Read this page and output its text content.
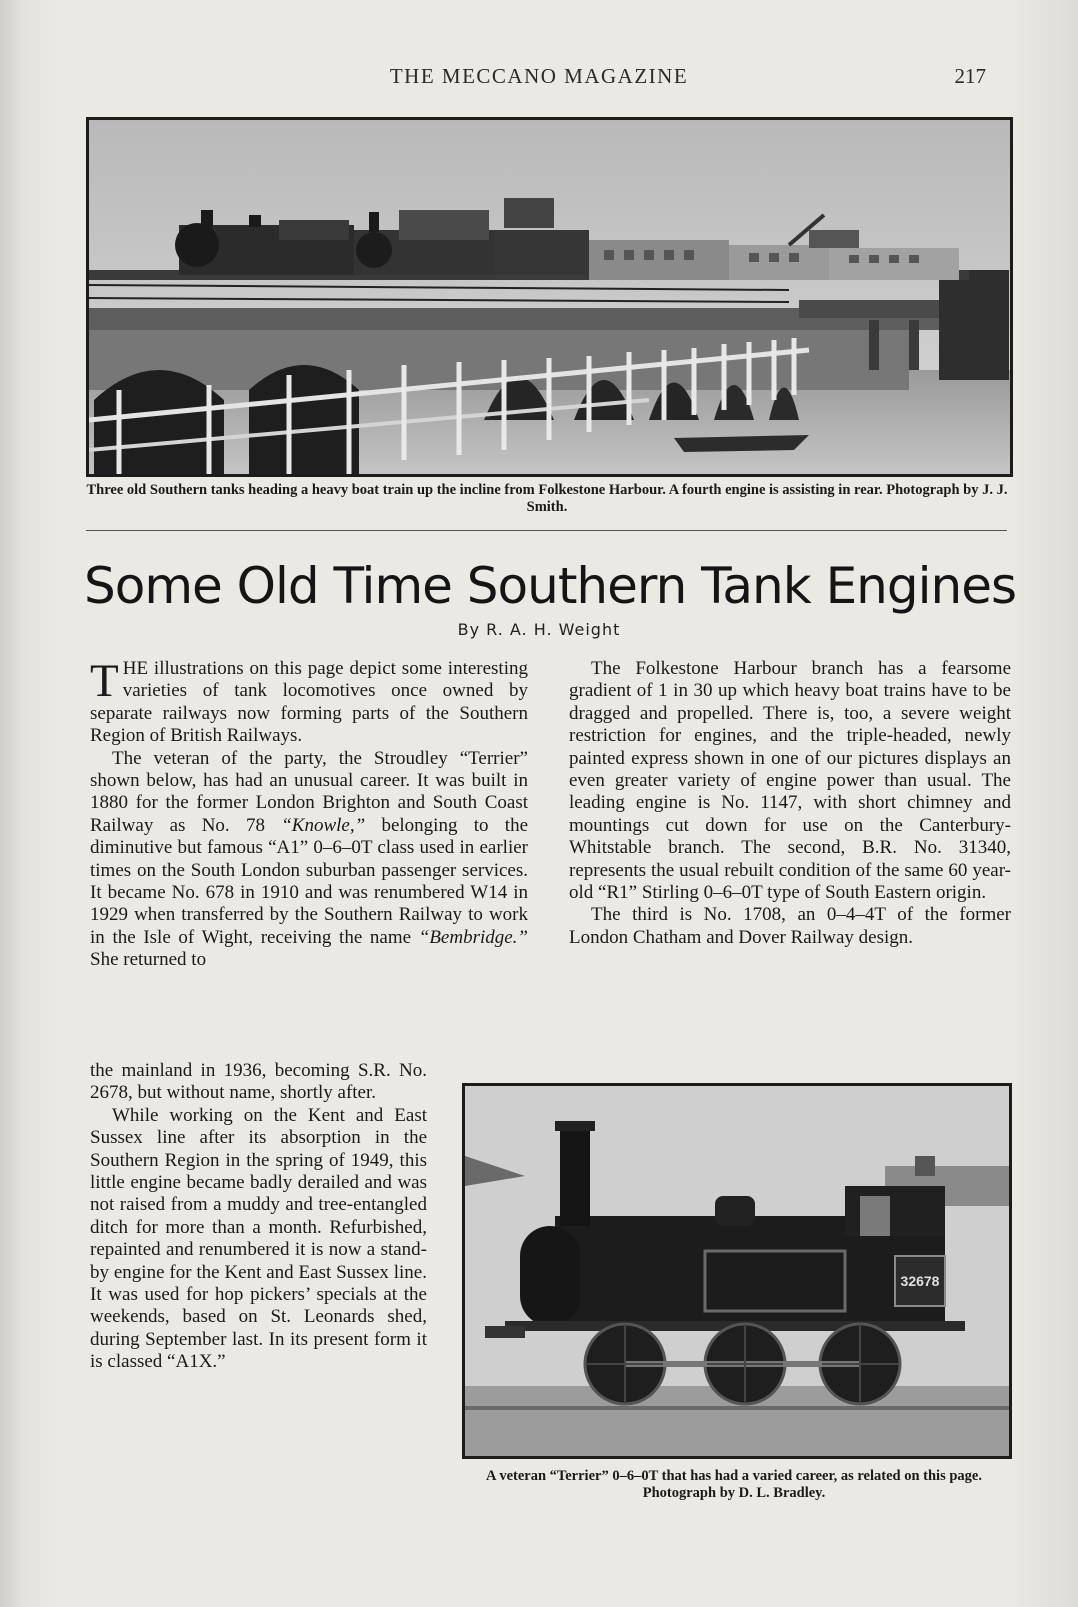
THE MECCANO MAGAZINE	217
Three old Southern tanks heading a heavy boat train up the incline from Folkestone Harbour. A fourth engine is assisting in rear. Photograph by J. J. Smith.
Some Old Time Southern Tank Engines
By R. A. H. Weight

THE illustrations on this page depict some interesting varieties of tank locomotives once owned by separate railways now forming parts of the Southern Region of British Railways.

The veteran of the party, the Stroudley “Terrier” shown below, has had an unusual career. It was built in 1880 for the former London Brighton and South Coast Railway as No. 78 “Knowle,” belonging to the diminutive but famous “A1” 0–6–0T class used in earlier times on the South London suburban passenger services. It became No. 678 in 1910 and was renumbered W14 in 1929 when transferred by the Southern Railway to work in the Isle of Wight, receiving the name “Bembridge.” She returned to

the mainland in 1936, becoming S.R. No. 2678, but without name, shortly after.

While working on the Kent and East Sussex line after its absorption in the Southern Region in the spring of 1949, this little engine became badly derailed and was not raised from a muddy and tree-entangled ditch for more than a month. Refurbished, repainted and renumbered it is now a stand-by engine for the Kent and East Sussex line. It was used for hop pickers’ specials at the weekends, based on St. Leonards shed, during September last. In its present form it is classed “A1X.”

The Folkestone Harbour branch has a fearsome gradient of 1 in 30 up which heavy boat trains have to be dragged and propelled. There is, too, a severe weight restriction for engines, and the triple-headed, newly painted express shown in one of our pictures displays an even greater variety of engine power than usual. The leading engine is No. 1147, with short chimney and mountings cut down for use on the Canterbury-Whitstable branch. The second, B.R. No. 31340, represents the usual rebuilt condition of the same 60 year-old “R1” Stirling 0–6–0T type of South Eastern origin.

The third is No. 1708, an 0–4–4T of the former London Chatham and Dover Railway design.

32678
A veteran “Terrier” 0–6–0T that has had a varied career, as related on this page. Photograph by D. L. Bradley.
